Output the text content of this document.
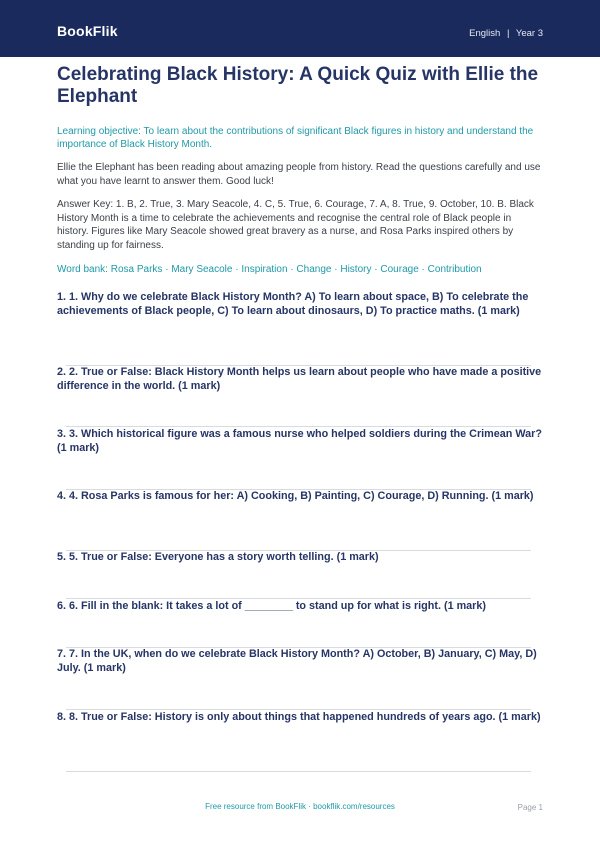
BookFlik	English | Year 3
Celebrating Black History: A Quick Quiz with Ellie the Elephant

Learning objective: To learn about the contributions of significant Black figures in history and understand the importance of Black History Month.

Ellie the Elephant has been reading about amazing people from history. Read the questions carefully and use what you have learnt to answer them. Good luck!

Answer Key: 1. B, 2. True, 3. Mary Seacole, 4. C, 5. True, 6. Courage, 7. A, 8. True, 9. October, 10. B. Black History Month is a time to celebrate the achievements and recognise the central role of Black people in history. Figures like Mary Seacole showed great bravery as a nurse, and Rosa Parks inspired others by standing up for fairness.

Word bank: Rosa Parks · Mary Seacole · Inspiration · Change · History · Courage · Contribution

1. 1. Why do we celebrate Black History Month? A) To learn about space, B) To celebrate the achievements of Black people, C) To learn about dinosaurs, D) To practice maths. (1 mark)
2. 2. True or False: Black History Month helps us learn about people who have made a positive difference in the world. (1 mark)
3. 3. Which historical figure was a famous nurse who helped soldiers during the Crimean War? (1 mark)
4. 4. Rosa Parks is famous for her: A) Cooking, B) Painting, C) Courage, D) Running. (1 mark)
5. 5. True or False: Everyone has a story worth telling. (1 mark)
6. 6. Fill in the blank: It takes a lot of ________ to stand up for what is right. (1 mark)
7. 7. In the UK, when do we celebrate Black History Month? A) October, B) January, C) May, D) July. (1 mark)
8. 8. True or False: History is only about things that happened hundreds of years ago. (1 mark)
Free resource from BookFlik · bookflik.com/resources	Page 1
